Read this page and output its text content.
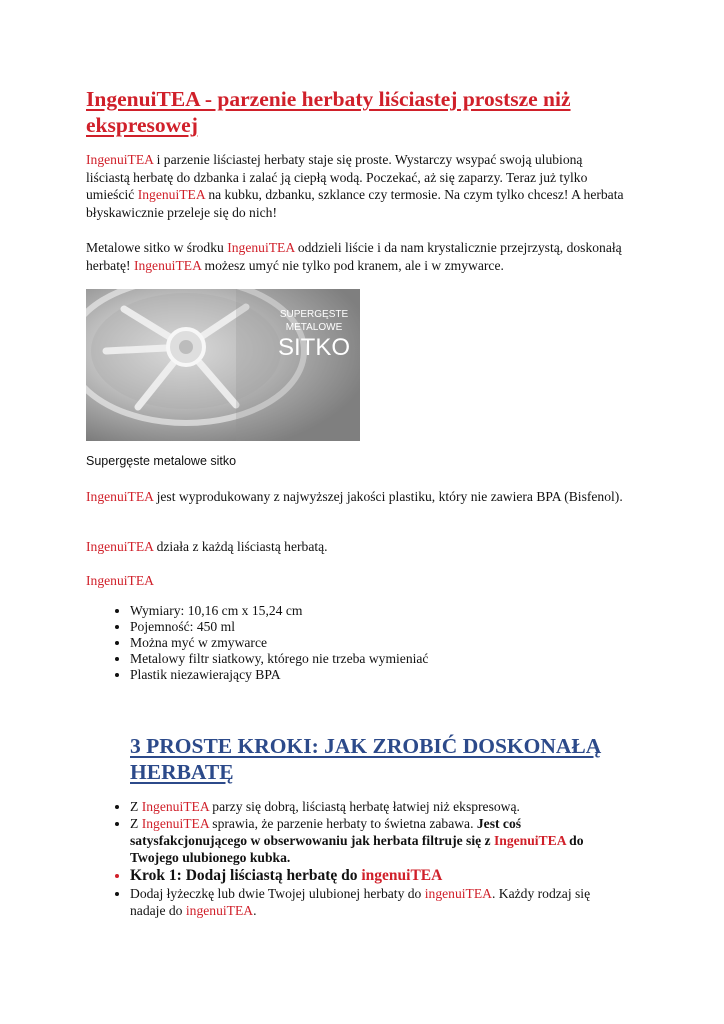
IngenuiTEA - parzenie herbaty liściastej prostsze niż ekspresowej

IngenuiTEA i parzenie liściastej herbaty staje się proste. Wystarczy wsypać swoją ulubioną liściastą herbatę do dzbanka i zalać ją ciepłą wodą. Poczekać, aż się zaparzy. Teraz już tylko umieścić IngenuiTEA na kubku, dzbanku, szklance czy termosie. Na czym tylko chcesz! A herbata błyskawicznie przeleje się do nich!

Metalowe sitko w środku IngenuiTEA oddzieli liście i da nam krystalicznie przejrzystą, doskonałą herbatę! IngenuiTEA możesz umyć nie tylko pod kranem, ale i w zmywarce.

SUPERGĘSTE
METALOWE
SITKO
Supergęste metalowe sitko

IngenuiTEA jest wyprodukowany z najwyższej jakości plastiku, który nie zawiera BPA (Bisfenol).

IngenuiTEA działa z każdą liściastą herbatą.

IngenuiTEA

• Wymiary: 10,16 cm x 15,24 cm
• Pojemność: 450 ml
• Można myć w zmywarce
• Metalowy filtr siatkowy, którego nie trzeba wymieniać
• Plastik niezawierający BPA
3 PROSTE KROKI: JAK ZROBIĆ DOSKONAŁĄ HERBATĘ
• Z IngenuiTEA parzy się dobrą, liściastą herbatę łatwiej niż ekspresową.
• Z IngenuiTEA sprawia, że parzenie herbaty to świetna zabawa. Jest coś satysfakcjonującego w obserwowaniu jak herbata filtruje się z IngenuiTEA do Twojego ulubionego kubka.
• Krok 1: Dodaj liściastą herbatę do ingenuiTEA
• Dodaj łyżeczkę lub dwie Twojej ulubionej herbaty do ingenuiTEA. Każdy rodzaj się nadaje do ingenuiTEA.
